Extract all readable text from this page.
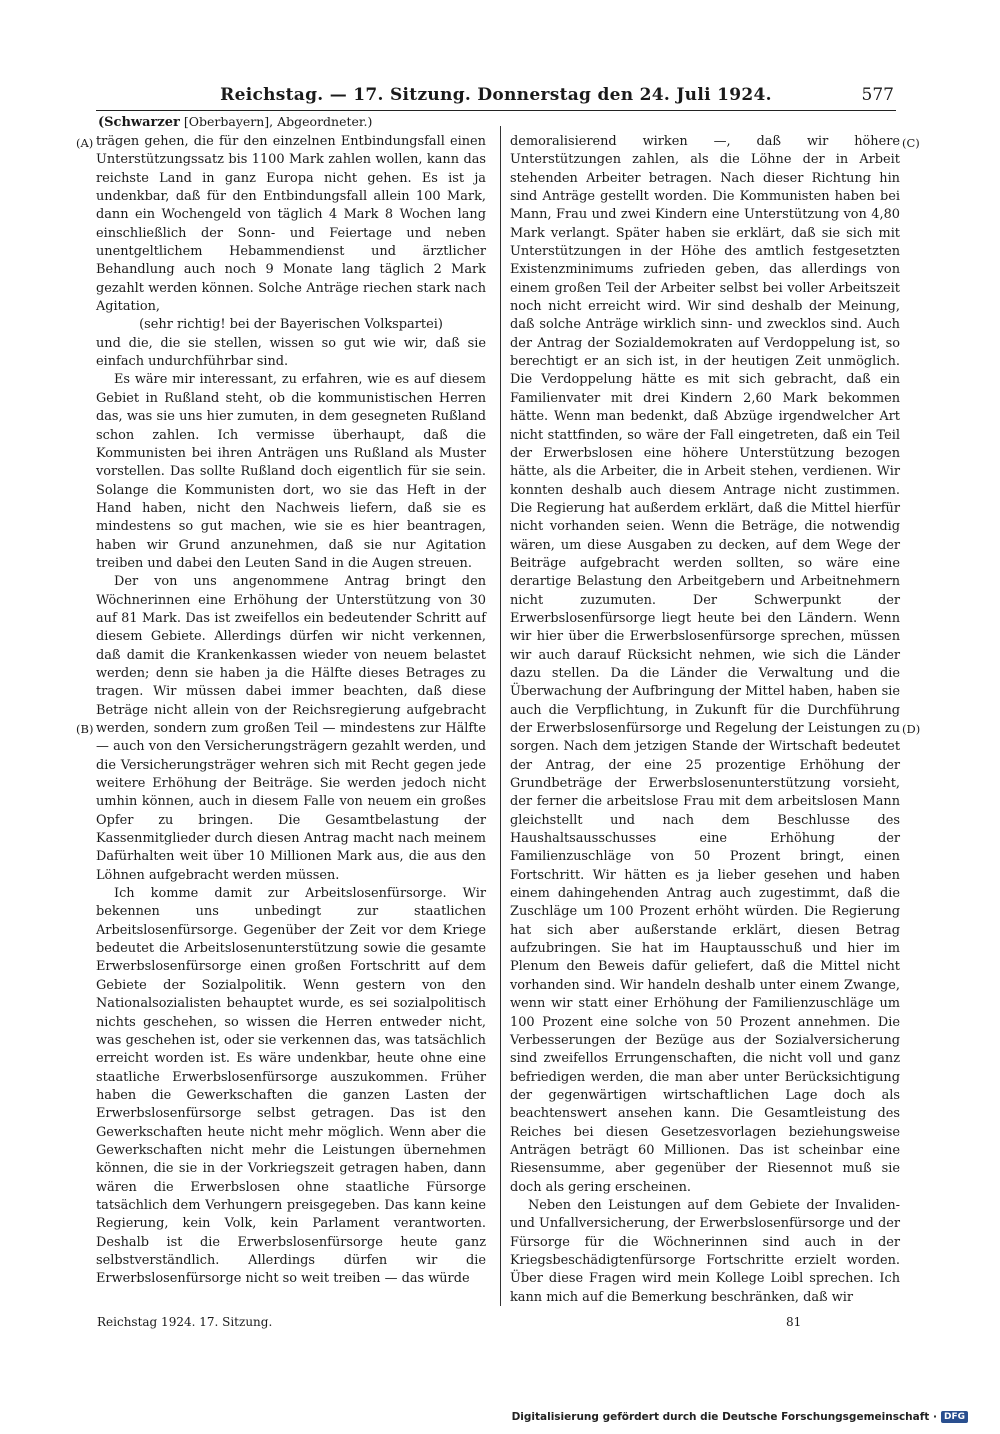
Reichstag. — 17. Sitzung. Donnerstag den 24. Juli 1924.	577
(Schwarzer [Oberbayern], Abgeordneter.)
(A)
(B)
(C)
(D)

trägen gehen, die für den einzelnen Entbindungsfall einen Unterstützungssatz bis 1100 Mark zahlen wollen, kann das reichste Land in ganz Europa nicht gehen. Es ist ja undenkbar, daß für den Entbindungsfall allein 100 Mark, dann ein Wochengeld von täglich 4 Mark 8 Wochen lang einschließlich der Sonn- und Feiertage und neben unentgeltlichem Hebammendienst und ärztlicher Behandlung auch noch 9 Monate lang täglich 2 Mark gezahlt werden können. Solche Anträge riechen stark nach Agitation,

(sehr richtig! bei der Bayerischen Volkspartei)

und die, die sie stellen, wissen so gut wie wir, daß sie einfach undurchführbar sind.

Es wäre mir interessant, zu erfahren, wie es auf diesem Gebiet in Rußland steht, ob die kommunistischen Herren das, was sie uns hier zumuten, in dem gesegneten Rußland schon zahlen. Ich vermisse überhaupt, daß die Kommunisten bei ihren Anträgen uns Rußland als Muster vorstellen. Das sollte Rußland doch eigentlich für sie sein. Solange die Kommunisten dort, wo sie das Heft in der Hand haben, nicht den Nachweis liefern, daß sie es mindestens so gut machen, wie sie es hier beantragen, haben wir Grund anzunehmen, daß sie nur Agitation treiben und dabei den Leuten Sand in die Augen streuen.

Der von uns angenommene Antrag bringt den Wöchnerinnen eine Erhöhung der Unterstützung von 30 auf 81 Mark. Das ist zweifellos ein bedeutender Schritt auf diesem Gebiete. Allerdings dürfen wir nicht verkennen, daß damit die Krankenkassen wieder von neuem belastet werden; denn sie haben ja die Hälfte dieses Betrages zu tragen. Wir müssen dabei immer beachten, daß diese Beträge nicht allein von der Reichsregierung aufgebracht werden, sondern zum großen Teil — mindestens zur Hälfte — auch von den Versicherungsträgern gezahlt werden, und die Versicherungsträger wehren sich mit Recht gegen jede weitere Erhöhung der Beiträge. Sie werden jedoch nicht umhin können, auch in diesem Falle von neuem ein großes Opfer zu bringen. Die Gesamtbelastung der Kassenmitglieder durch diesen Antrag macht nach meinem Dafürhalten weit über 10 Millionen Mark aus, die aus den Löhnen aufgebracht werden müssen.

Ich komme damit zur Arbeitslosenfürsorge. Wir bekennen uns unbedingt zur staatlichen Arbeitslosenfürsorge. Gegenüber der Zeit vor dem Kriege bedeutet die Arbeitslosenunterstützung sowie die gesamte Erwerbslosenfürsorge einen großen Fortschritt auf dem Gebiete der Sozialpolitik. Wenn gestern von den Nationalsozialisten behauptet wurde, es sei sozialpolitisch nichts geschehen, so wissen die Herren entweder nicht, was geschehen ist, oder sie verkennen das, was tatsächlich erreicht worden ist. Es wäre undenkbar, heute ohne eine staatliche Erwerbslosenfürsorge auszukommen. Früher haben die Gewerkschaften die ganzen Lasten der Erwerbslosenfürsorge selbst getragen. Das ist den Gewerkschaften heute nicht mehr möglich. Wenn aber die Gewerkschaften nicht mehr die Leistungen übernehmen können, die sie in der Vorkriegszeit getragen haben, dann wären die Erwerbslosen ohne staatliche Fürsorge tatsächlich dem Verhungern preisgegeben. Das kann keine Regierung, kein Volk, kein Parlament verantworten. Deshalb ist die Erwerbslosenfürsorge heute ganz selbstverständlich. Allerdings dürfen wir die Erwerbslosenfürsorge nicht so weit treiben — das würde

demoralisierend wirken —, daß wir höhere Unterstützungen zahlen, als die Löhne der in Arbeit stehenden Arbeiter betragen. Nach dieser Richtung hin sind Anträge gestellt worden. Die Kommunisten haben bei Mann, Frau und zwei Kindern eine Unterstützung von 4,80 Mark verlangt. Später haben sie erklärt, daß sie sich mit Unterstützungen in der Höhe des amtlich festgesetzten Existenzminimums zufrieden geben, das allerdings von einem großen Teil der Arbeiter selbst bei voller Arbeitszeit noch nicht erreicht wird. Wir sind deshalb der Meinung, daß solche Anträge wirklich sinn- und zwecklos sind. Auch der Antrag der Sozialdemokraten auf Verdoppelung ist, so berechtigt er an sich ist, in der heutigen Zeit unmöglich. Die Verdoppelung hätte es mit sich gebracht, daß ein Familienvater mit drei Kindern 2,60 Mark bekommen hätte. Wenn man bedenkt, daß Abzüge irgendwelcher Art nicht stattfinden, so wäre der Fall eingetreten, daß ein Teil der Erwerbslosen eine höhere Unterstützung bezogen hätte, als die Arbeiter, die in Arbeit stehen, verdienen. Wir konnten deshalb auch diesem Antrage nicht zustimmen. Die Regierung hat außerdem erklärt, daß die Mittel hierfür nicht vorhanden seien. Wenn die Beträge, die notwendig wären, um diese Ausgaben zu decken, auf dem Wege der Beiträge aufgebracht werden sollten, so wäre eine derartige Belastung den Arbeitgebern und Arbeitnehmern nicht zuzumuten. Der Schwerpunkt der Erwerbslosenfürsorge liegt heute bei den Ländern. Wenn wir hier über die Erwerbslosenfürsorge sprechen, müssen wir auch darauf Rücksicht nehmen, wie sich die Länder dazu stellen. Da die Länder die Verwaltung und die Überwachung der Aufbringung der Mittel haben, haben sie auch die Verpflichtung, in Zukunft für die Durchführung der Erwerbslosenfürsorge und Regelung der Leistungen zu sorgen. Nach dem jetzigen Stande der Wirtschaft bedeutet der Antrag, der eine 25 prozentige Erhöhung der Grundbeträge der Erwerbslosenunterstützung vorsieht, der ferner die arbeitslose Frau mit dem arbeitslosen Mann gleichstellt und nach dem Beschlusse des Haushaltsausschusses eine Erhöhung der Familienzuschläge von 50 Prozent bringt, einen Fortschritt. Wir hätten es ja lieber gesehen und haben einem dahingehenden Antrag auch zugestimmt, daß die Zuschläge um 100 Prozent erhöht würden. Die Regierung hat sich aber außerstande erklärt, diesen Betrag aufzubringen. Sie hat im Hauptausschuß und hier im Plenum den Beweis dafür geliefert, daß die Mittel nicht vorhanden sind. Wir handeln deshalb unter einem Zwange, wenn wir statt einer Erhöhung der Familienzuschläge um 100 Prozent eine solche von 50 Prozent annehmen. Die Verbesserungen der Bezüge aus der Sozialversicherung sind zweifellos Errungenschaften, die nicht voll und ganz befriedigen werden, die man aber unter Berücksichtigung der gegenwärtigen wirtschaftlichen Lage doch als beachtenswert ansehen kann. Die Gesamtleistung des Reiches bei diesen Gesetzesvorlagen beziehungsweise Anträgen beträgt 60 Millionen. Das ist scheinbar eine Riesensumme, aber gegenüber der Riesennot muß sie doch als gering erscheinen.

Neben den Leistungen auf dem Gebiete der Invaliden- und Unfallversicherung, der Erwerbslosenfürsorge und der Fürsorge für die Wöchnerinnen sind auch in der Kriegsbeschädigtenfürsorge Fortschritte erzielt worden. Über diese Fragen wird mein Kollege Loibl sprechen. Ich kann mich auf die Bemerkung beschränken, daß wir

Reichstag 1924. 17. Sitzung.	81
Digitalisierung gefördert durch die Deutsche Forschungsgemeinschaft · DFG
